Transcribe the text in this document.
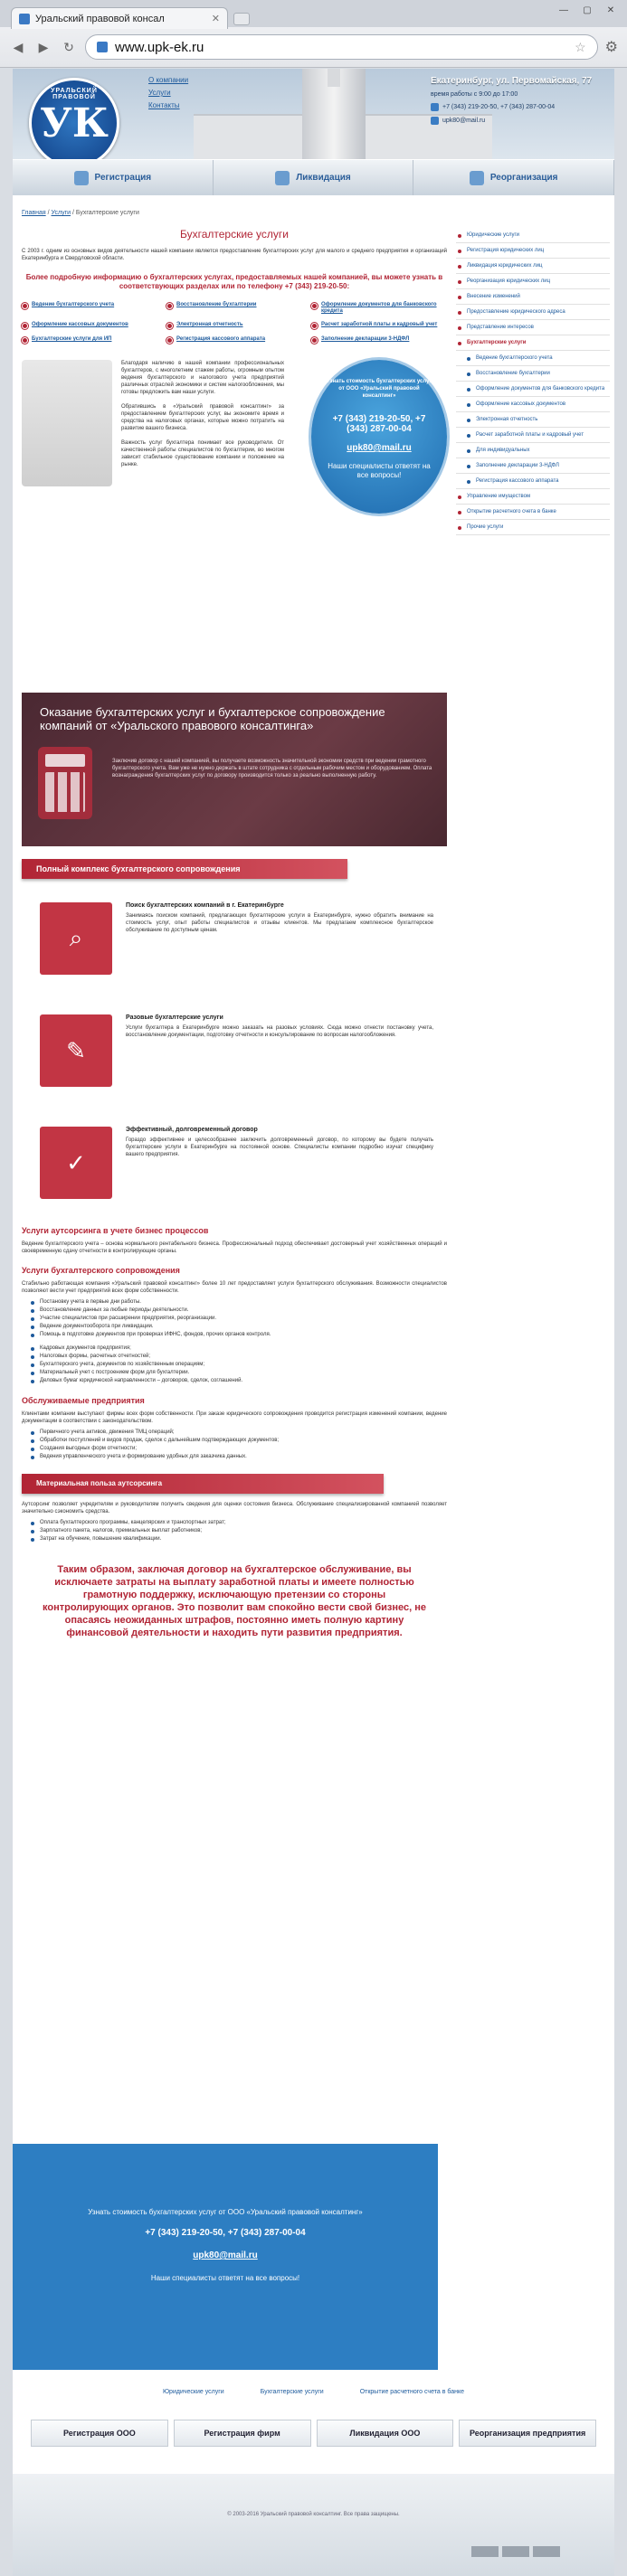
Уральский правовой консал	✕
—	▢	✕
◀	▶	↻	www.upk-ek.ru	☆ ⚙
УРАЛЬСКИЙ ПРАВОВОЙ
УК
О компании
Услуги
Контакты
Екатеринбург, ул. Первомайская, 77
время работы с 9:00 до 17:00
+7 (343) 219-20-50, +7 (343) 287-00-04
upk80@mail.ru
Регистрация	Ликвидация	Реорганизация
Главная / Услуги / Бухгалтерские услуги
Бухгалтерские услуги

С 2003 г. одним из основных видов деятельности нашей компании является предоставление бухгалтерских услуг для малого и среднего предприятия и организаций Екатеринбурга и Свердловской области.

Более подробную информацию о бухгалтерских услугах, предоставляемых нашей компанией, вы можете узнать в соответствующих разделах или по телефону +7 (343) 219-20-50:

Ведение бухгалтерского учета	Восстановление бухгалтерии	Оформление документов для банковского кредита
Оформление кассовых документов	Электронная отчетность	Расчет заработной платы и кадровый учет
Бухгалтерские услуги для ИП	Регистрация кассового аппарата	Заполнение декларации 3-НДФЛ

Благодаря наличию в нашей компании профессиональных бухгалтеров, с многолетним стажем работы, огромным опытом ведения бухгалтерского и налогового учета предприятий различных отраслей экономики и систем налогообложения, мы готовы предложить вам наши услуги.

Обратившись в «Уральский правовой консалтинг» за предоставлением бухгалтерских услуг, вы экономите время и средства на налоговых органах, которые можно потратить на развитие вашего бизнеса.

Важность услуг бухгалтера понимает все руководители. От качественной работы специалистов по бухгалтерии, во многом зависит стабильное существование компании и положение на рынке.

Узнать стоимость бухгалтерских услуг от ООО «Уральский правовой консалтинг»
+7 (343) 219-20-50, +7 (343) 287-00-04
upk80@mail.ru
Наши специалисты ответят на все вопросы!
Оказание бухгалтерских услуг и бухгалтерское сопровождение компаний от «Уральского правового консалтинга»

Заключив договор с нашей компанией, вы получаете возможность значительной экономии средств при ведении грамотного бухгалтерского учета. Вам уже не нужно держать в штате сотрудника с отдельным рабочим местом и оборудованием. Оплата вознаграждения бухгалтерских услуг по договору производится только за реально выполненную работу.

Полный комплекс бухгалтерского сопровождения
⌕
Поиск бухгалтерских компаний в г. Екатеринбурге

Занимаясь поиском компаний, предлагающих бухгалтерские услуги в Екатеринбурге, нужно обратить внимание на стоимость услуг, опыт работы специалистов и отзывы клиентов. Мы предлагаем комплексное бухгалтерское обслуживание по доступным ценам.

✎
Разовые бухгалтерские услуги

Услуги бухгалтера в Екатеринбурге можно заказать на разовых условиях. Сюда можно отнести постановку учета, восстановление документации, подготовку отчетности и консультирование по вопросам налогообложения.

✓
Эффективный, долговременный договор

Гораздо эффективнее и целесообразнее заключить долговременный договор, по которому вы будете получать бухгалтерские услуги в Екатеринбурге на постоянной основе. Специалисты компании подробно изучат специфику вашего предприятия.

Услуги аутсорсинга в учете бизнес процессов

Ведение бухгалтерского учета – основа нормального рентабельного бизнеса. Профессиональный подход обеспечивает достоверный учет хозяйственных операций и своевременную сдачу отчетности в контролирующие органы.

Услуги бухгалтерского сопровождения

Стабильно работающая компания «Уральский правовой консалтинг» более 10 лет предоставляет услуги бухгалтерского обслуживания. Возможности специалистов позволяют вести учет предприятий всех форм собственности.

Постановку учета в первые дни работы.
Восстановление данных за любые периоды деятельности.
Участие специалистов при расширении предприятия, реорганизации.
Ведение документооборота при ликвидации.
Помощь в подготовке документов при проверках ИФНС, фондов, прочих органов контроля.
Кадровых документов предприятия;
Налоговых формы, расчетных отчетностей;
Бухгалтерского учета, документов по хозяйственным операциям;
Материальный учет с построением форм для бухгалтерии.
Деловых бумаг юридической направленности – договоров, сделок, соглашений.
Обслуживаемые предприятия

Клиентами компании выступают фирмы всех форм собственности. При заказе юридического сопровождения проводится регистрация изменений компании, ведение документации в соответствии с законодательством.

Первичного учета активов, движения ТМЦ операций;
Обработки поступлений и видов продаж, сделок с дальнейшим подтверждающих документов;
Создания выгодных форм отчетности;
Ведения управленческого учета и формирование удобных для заказчика данных.
Материальная польза аутсорсинга

Аутсорсинг позволяет учредителям и руководителям получить сведения для оценки состояния бизнеса. Обслуживание специализированной компанией позволяет значительно сэкономить средства.

Оплата бухгалтерского программы, канцелярских и транспортных затрат;
Зарплатного пакета, налогов, премиальных выплат работников;
Затрат на обучение, повышение квалификации.

Таким образом, заключая договор на бухгалтерское обслуживание, вы исключаете затраты на выплату заработной платы и имеете полностью грамотную поддержку, исключающую претензии со стороны контролирующих органов. Это позволит вам спокойно вести свой бизнес, не опасаясь неожиданных штрафов, постоянно иметь полную картину финансовой деятельности и находить пути развития предприятия.

Узнать стоимость бухгалтерских услуг от ООО «Уральский правовой консалтинг»
+7 (343) 219-20-50, +7 (343) 287-00-04
upk80@mail.ru
Наши специалисты ответят на все вопросы!
Юридические услуги
Регистрация юридических лиц
Ликвидация юридических лиц
Реорганизация юридических лиц
Внесение изменений
Предоставление юридического адреса
Представление интересов
Бухгалтерские услуги
Ведение бухгалтерского учета
Восстановление бухгалтерии
Оформление документов для банковского кредита
Оформление кассовых документов
Электронная отчетность
Расчет заработной платы и кадровый учет
Для индивидуальных
Заполнение декларации 3-НДФЛ
Регистрация кассового аппарата
Управление имуществом
Открытие расчетного счета в банке
Прочие услуги
Юридические услуги	Бухгалтерские услуги	Открытие расчетного счета в банке
Регистрация ООО	Регистрация фирм	Ликвидация ООО	Реорганизация предприятия
© 2003-2016 Уральский правовой консалтинг. Все права защищены.
